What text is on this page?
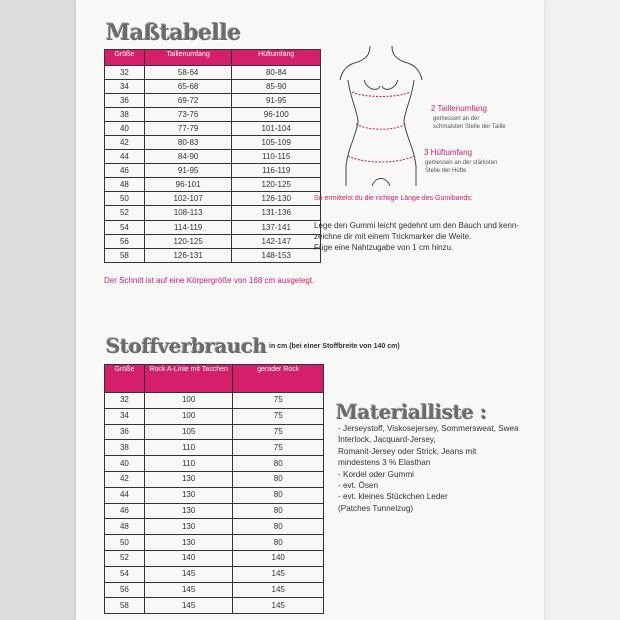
Maßtabelle
Größe	Taillenumfang	Hüftumfang
32	58-64	80-84
34	65-68	85-90
36	69-72	91-95
38	73-76	96-100
40	77-79	101-104
42	80-83	105-109
44	84-90	110-115
46	91-95	116-119
48	96-101	120-125
50	102-107	126-130
52	108-113	131-136
54	114-119	137-141
56	120-125	142-147
58	126-131	148-153
2 Taillenumfang
gemessen an der
schmalsten Stelle der Taille
3 Hüftumfang
gemessen an der stärksten
Stelle der Hüfte
So ermittelst du die richtige Länge des Gumibands:
Lege den Gummi leicht gedehnt um den Bauch und kenn-
zeichne dir mit einem Trickmarker die Weite.
Füge eine Nahtzugabe von 1 cm hinzu.
Der Schnitt ist auf eine Körpergröße von 168 cm ausgelegt.
Stoffverbrauch in cm (bei einer Stoffbreite von 140 cm)
Größe	Rock A-Linie mit Taschen	gerader Rock
32	100	75
34	100	75
36	105	75
38	110	75
40	110	80
42	130	80
44	130	80
46	130	80
48	130	80
50	130	80
52	140	140
54	145	145
56	145	145
58	145	145
Materialliste :
- Jerseystoff, Viskosejersey, Sommersweat, Swea
Interlock, Jacquard-Jersey,
Romanit-Jersey oder Strick, Jeans mit
mindestens 3 % Elasthan
- Kordel oder Gummi
- evt. Ösen
- evt. kleines Stückchen Leder
(Patches Tunnelzug)
